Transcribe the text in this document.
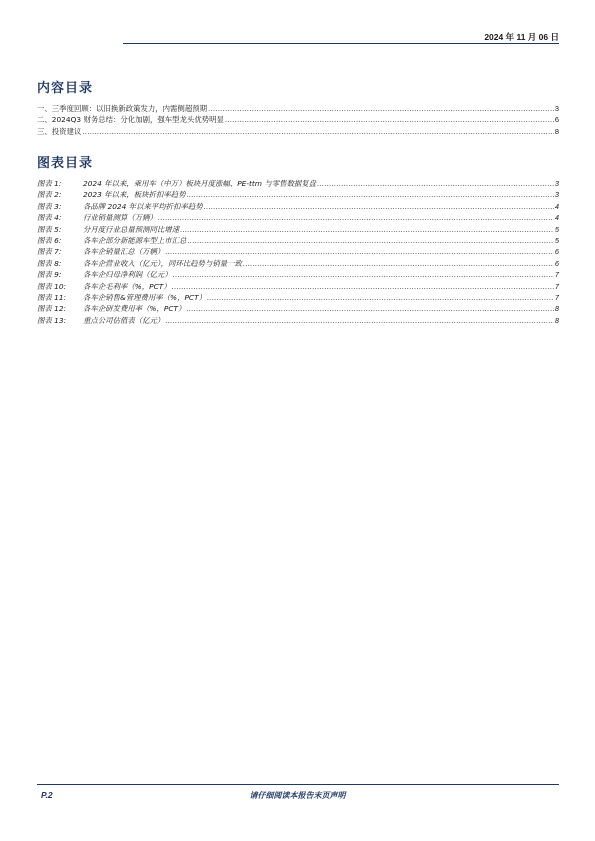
2024 年 11 月 06 日
内容目录
一、三季度回顾：以旧换新政策发力，内需侧超预期 .....	3
二、2024Q3 财务总结：分化加剧，强车型龙头优势明显 .....	6
三、投资建议 .....	8
图表目录
图表 1:	2024 年以来，乘用车（中万）板块月度涨幅、PE-ttm 与零售数据复盘 .....	3
图表 2:	2023 年以来，板块折扣率趋势 .....	3
图表 3:	各品牌 2024 年以来平均折扣率趋势 .....	4
图表 4:	行业销量测算（万辆） .....	4
图表 5:	分月度行业总量预测同比增速 .....	5
图表 6:	各车企部分新能源车型上市汇总 .....	5
图表 7:	各车企销量汇总（万辆） .....	6
图表 8:	各车企营业收入（亿元），同环比趋势与销量一致 .....	6
图表 9:	各车企归母净利润（亿元） .....	7
图表 10: 各车企毛利率（%，PCT） .....	7
图表 11: 各车企销售&管理费用率（%，PCT） .....	7
图表 12: 各车企研发费用率（%，PCT） .....	8
图表 13: 重点公司估值表（亿元） .....	8
P.2	请仔细阅读本报告末页声明
